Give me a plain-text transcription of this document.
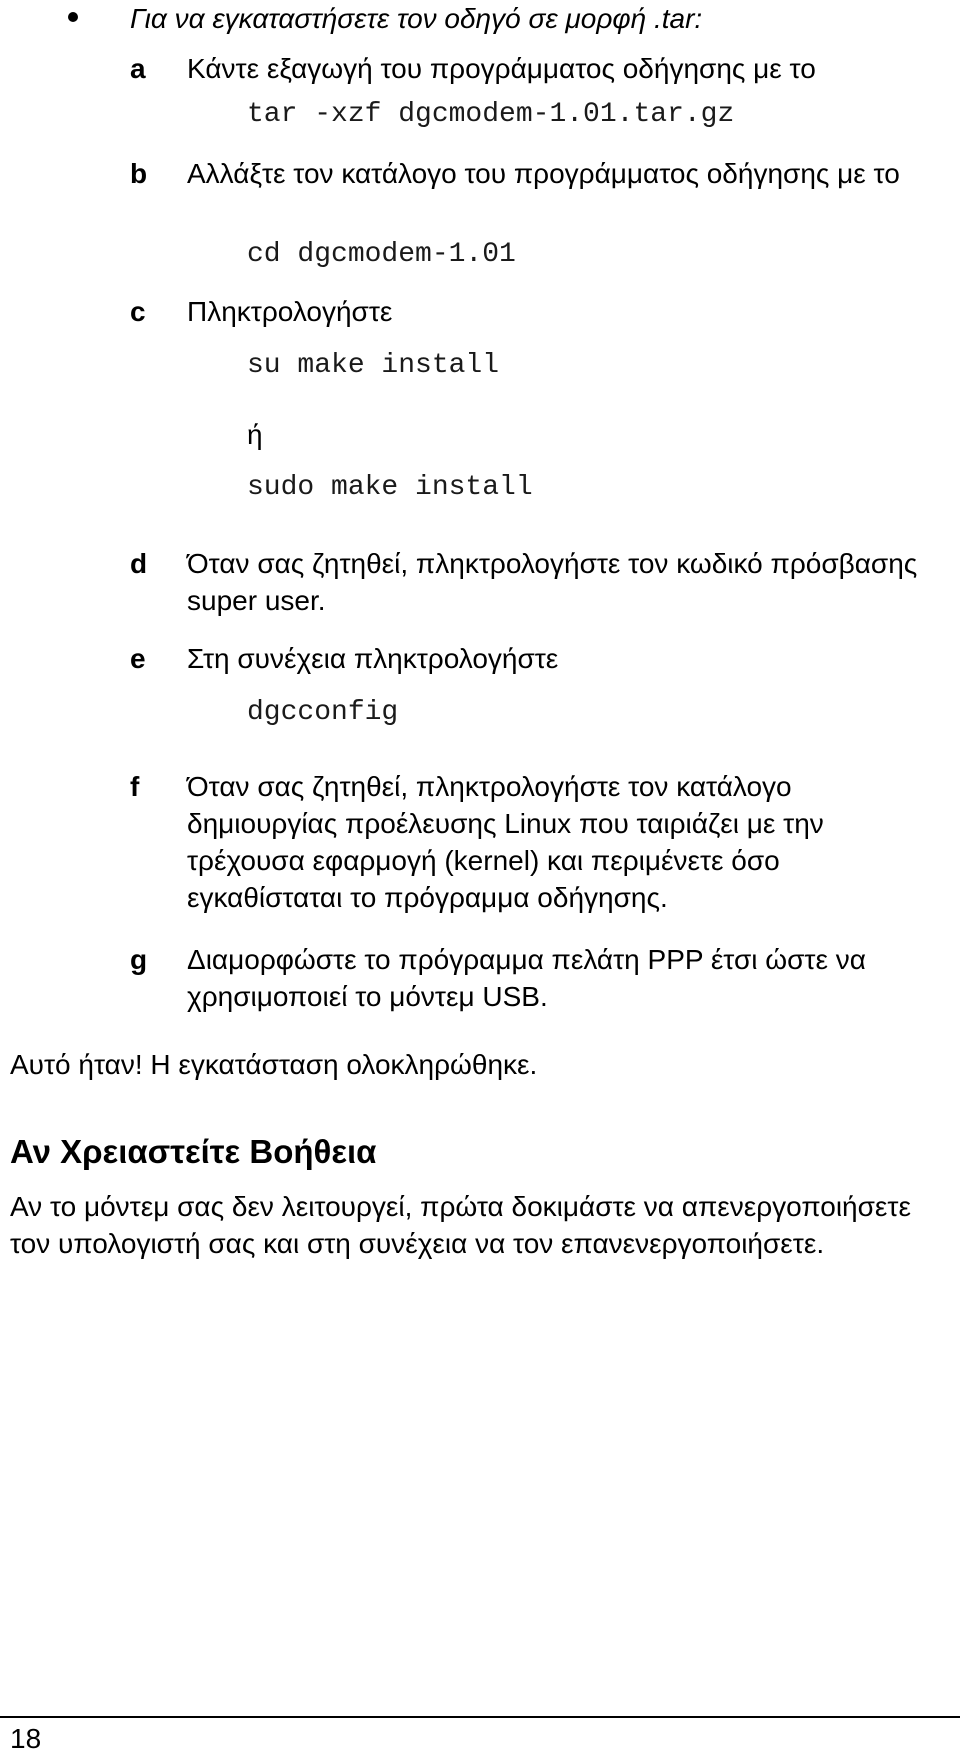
Για να εγκαταστήσετε τον οδηγό σε μορφή .tar:
a Κάντε εξαγωγή του προγράμματος οδήγησης με το
tar -xzf dgcmodem-1.01.tar.gz
b Αλλάξτε τον κατάλογο του προγράμματος οδήγησης με το
cd dgcmodem-1.01
c Πληκτρολογήστε
su make install
ή
sudo make install
d Όταν σας ζητηθεί, πληκτρολογήστε τον κωδικό πρόσβασης super user.
e Στη συνέχεια πληκτρολογήστε
dgcconfig
f Όταν σας ζητηθεί, πληκτρολογήστε τον κατάλογο δημιουργίας προέλευσης Linux που ταιριάζει με την τρέχουσα εφαρμογή (kernel) και περιμένετε όσο εγκαθίσταται το πρόγραμμα οδήγησης.
g Διαμορφώστε το πρόγραμμα πελάτη PPP έτσι ώστε να χρησιμοποιεί το μόντεμ USB.
Αυτό ήταν! Η εγκατάσταση ολοκληρώθηκε.
Αν Χρειαστείτε Βοήθεια
Αν το μόντεμ σας δεν λειτουργεί, πρώτα δοκιμάστε να απενεργοποιήσετε τον υπολογιστή σας και στη συνέχεια να τον επανενεργοποιήσετε.
18
